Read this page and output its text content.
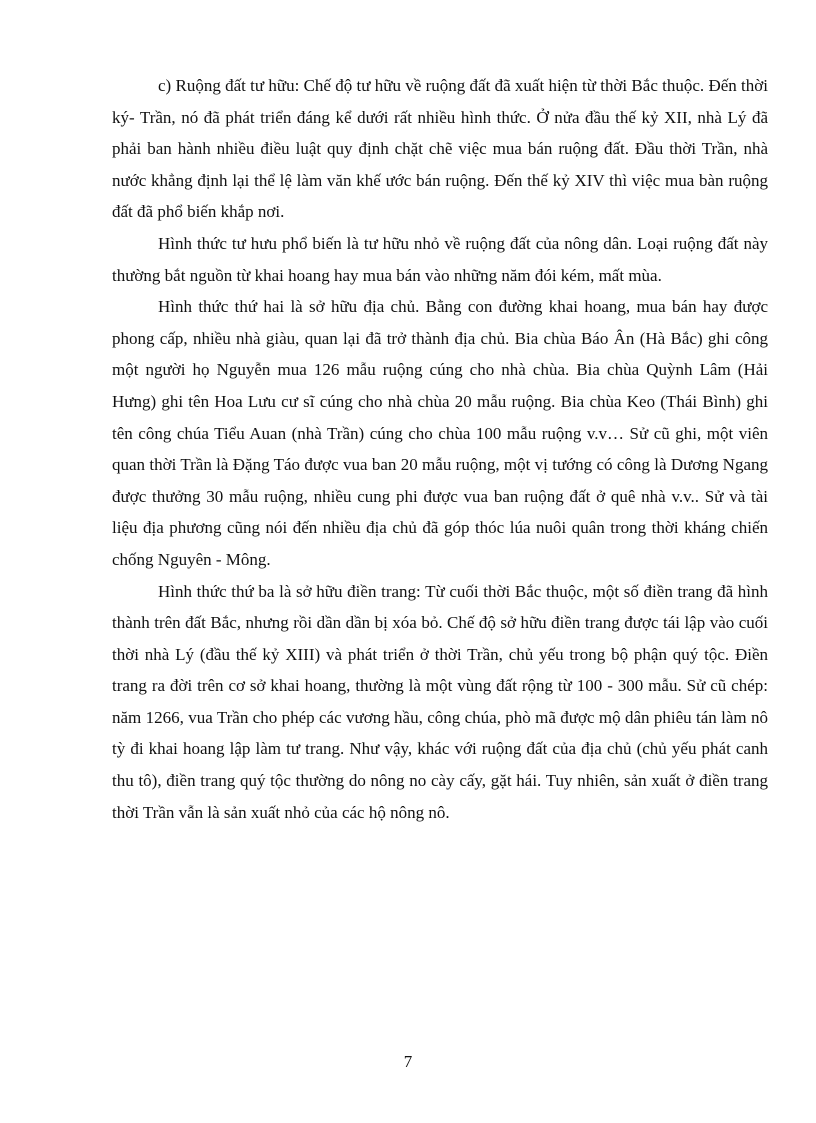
c) Ruộng đất tư hữu: Chế độ tư hữu về ruộng đất đã xuất hiện từ thời Bắc thuộc. Đến thời ký- Trần, nó đã phát triển đáng kể dưới rất nhiều hình thức. Ở nửa đầu thế kỷ XII, nhà Lý đã phải ban hành nhiều điều luật quy định chặt chẽ việc mua bán ruộng đất. Đầu thời Trần, nhà nước khẳng định lại thể lệ làm văn khế ước bán ruộng. Đến thế kỷ XIV thì việc mua bàn ruộng đất đã phổ biến khắp nơi.

Hình thức tư hưu phổ biến là tư hữu nhỏ về ruộng đất của nông dân. Loại ruộng đất này thường bắt nguồn từ khai hoang hay mua bán vào những năm đói kém, mất mùa.

Hình thức thứ hai là sở hữu địa chủ. Bằng con đường khai hoang, mua bán hay được phong cấp, nhiều nhà giàu, quan lại đã trở thành địa chủ. Bia chùa Báo Ân (Hà Bắc) ghi công một người họ Nguyễn mua 126 mẫu ruộng cúng cho nhà chùa. Bia chùa Quỳnh Lâm (Hải Hưng) ghi tên Hoa Lưu cư sĩ cúng cho nhà chùa 20 mẫu ruộng. Bia chùa Keo (Thái Bình) ghi tên công chúa Tiểu Auan (nhà Trần) cúng cho chùa 100 mẫu ruộng v.v… Sử cũ ghi, một viên quan thời Trần là Đặng Táo được vua ban 20 mẫu ruộng, một vị tướng có công là Dương Ngang được thưởng 30 mẫu ruộng, nhiều cung phi được vua ban ruộng đất ở quê nhà v.v.. Sử và tài liệu địa phương cũng nói đến nhiều địa chủ đã góp thóc lúa nuôi quân trong thời kháng chiến chống Nguyên - Mông.

Hình thức thứ ba là sở hữu điền trang: Từ cuối thời Bắc thuộc, một số điền trang đã hình thành trên đất Bắc, nhưng rồi dần dần bị xóa bỏ. Chế độ sở hữu điền trang được tái lập vào cuối thời nhà Lý (đầu thế kỷ XIII) và phát triển ở thời Trần, chủ yếu trong bộ phận quý tộc. Điền trang ra đời trên cơ sở khai hoang, thường là một vùng đất rộng từ 100 - 300 mẫu. Sử cũ chép: năm 1266, vua Trần cho phép các vương hầu, công chúa, phò mã được mộ dân phiêu tán làm nô tỳ đi khai hoang lập làm tư trang. Như vậy, khác với ruộng đất của địa chủ (chủ yếu phát canh thu tô), điền trang quý tộc thường do nông no cày cấy, gặt hái. Tuy nhiên, sản xuất ở điền trang thời Trần vẫn là sản xuất nhỏ của các hộ nông nô.

7
